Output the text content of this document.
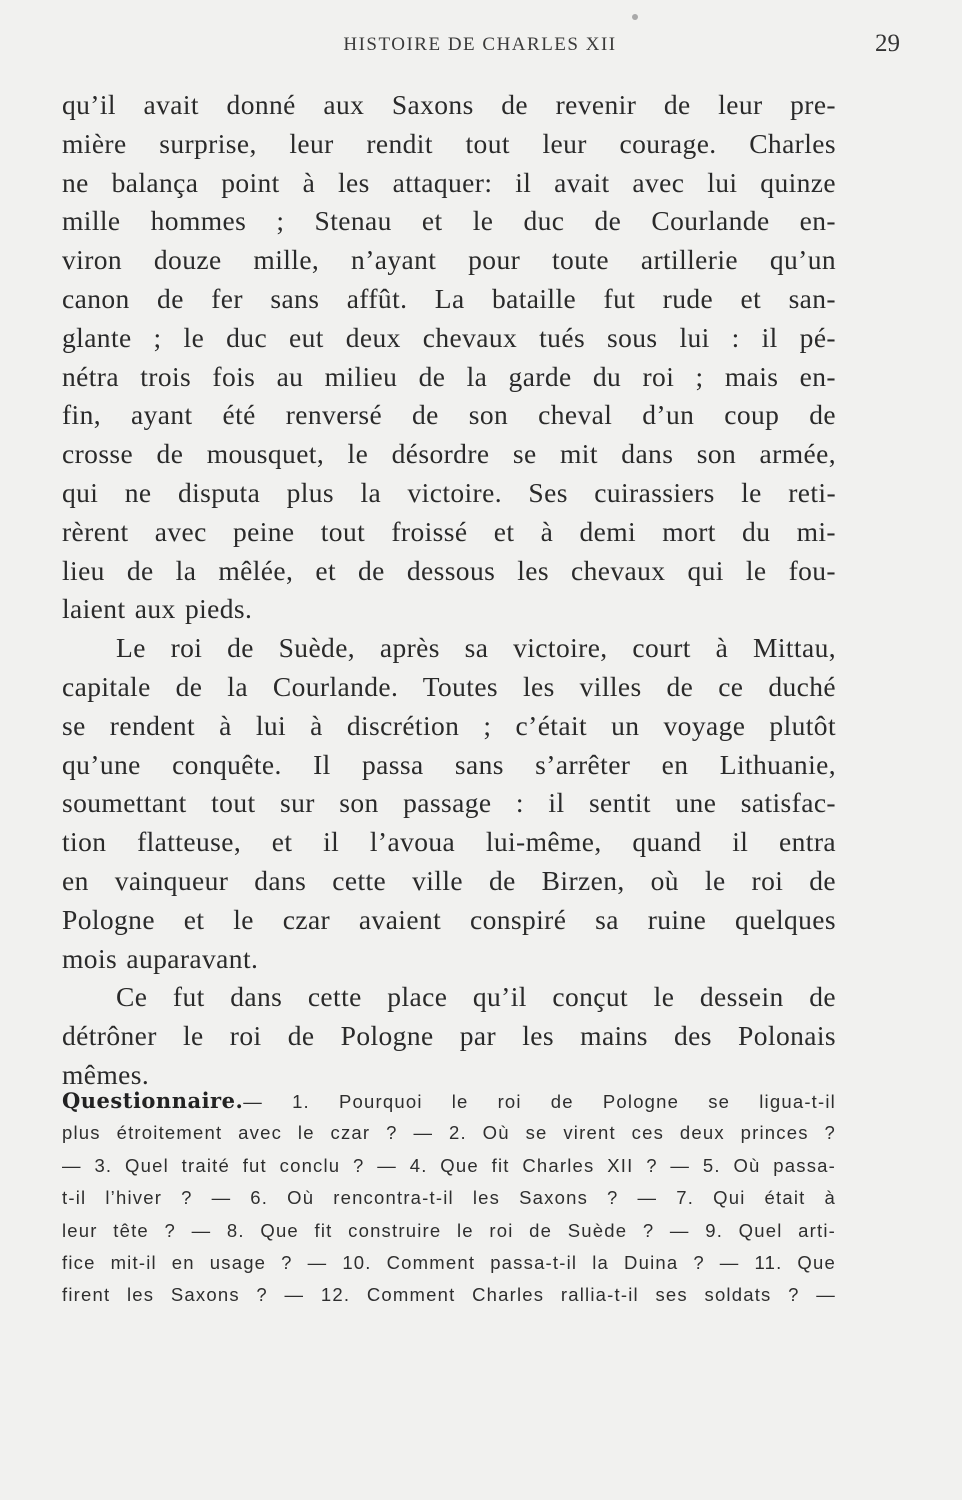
HISTOIRE DE CHARLES XII	29
qu’il avait donné aux Saxons de revenir de leur pre-
mière surprise, leur rendit tout leur courage. Charles
ne balança point à les attaquer: il avait avec lui quinze
mille hommes ; Stenau et le duc de Courlande en-
viron douze mille, n’ayant pour toute artillerie qu’un
canon de fer sans affût. La bataille fut rude et san-
glante ; le duc eut deux chevaux tués sous lui : il pé-
nétra trois fois au milieu de la garde du roi ; mais en-
fin, ayant été renversé de son cheval d’un coup de
crosse de mousquet, le désordre se mit dans son armée,
qui ne disputa plus la victoire. Ses cuirassiers le reti-
rèrent avec peine tout froissé et à demi mort du mi-
lieu de la mêlée, et de dessous les chevaux qui le fou-
laient aux pieds.
Le roi de Suède, après sa victoire, court à Mittau,
capitale de la Courlande. Toutes les villes de ce duché
se rendent à lui à discrétion ; c’était un voyage plutôt
qu’une conquête. Il passa sans s’arrêter en Lithuanie,
soumettant tout sur son passage : il sentit une satisfac-
tion flatteuse, et il l’avoua lui-même, quand il entra
en vainqueur dans cette ville de Birzen, où le roi de
Pologne et le czar avaient conspiré sa ruine quelques
mois auparavant.
Ce fut dans cette place qu’il conçut le dessein de
détrôner le roi de Pologne par les mains des Polonais
mêmes.
Questionnaire.— 1. Pourquoi le roi de Pologne se ligua-t-il
plus étroitement avec le czar ? — 2. Où se virent ces deux princes ?
— 3. Quel traité fut conclu ? — 4. Que fit Charles XII ? — 5. Où passa-
t-il l’hiver ? — 6. Où rencontra-t-il les Saxons ? — 7. Qui était à
leur tête ? — 8. Que fit construire le roi de Suède ? — 9. Quel arti-
fice mit-il en usage ? — 10. Comment passa-t-il la Duina ? — 11. Que
firent les Saxons ? — 12. Comment Charles rallia-t-il ses soldats ? —
